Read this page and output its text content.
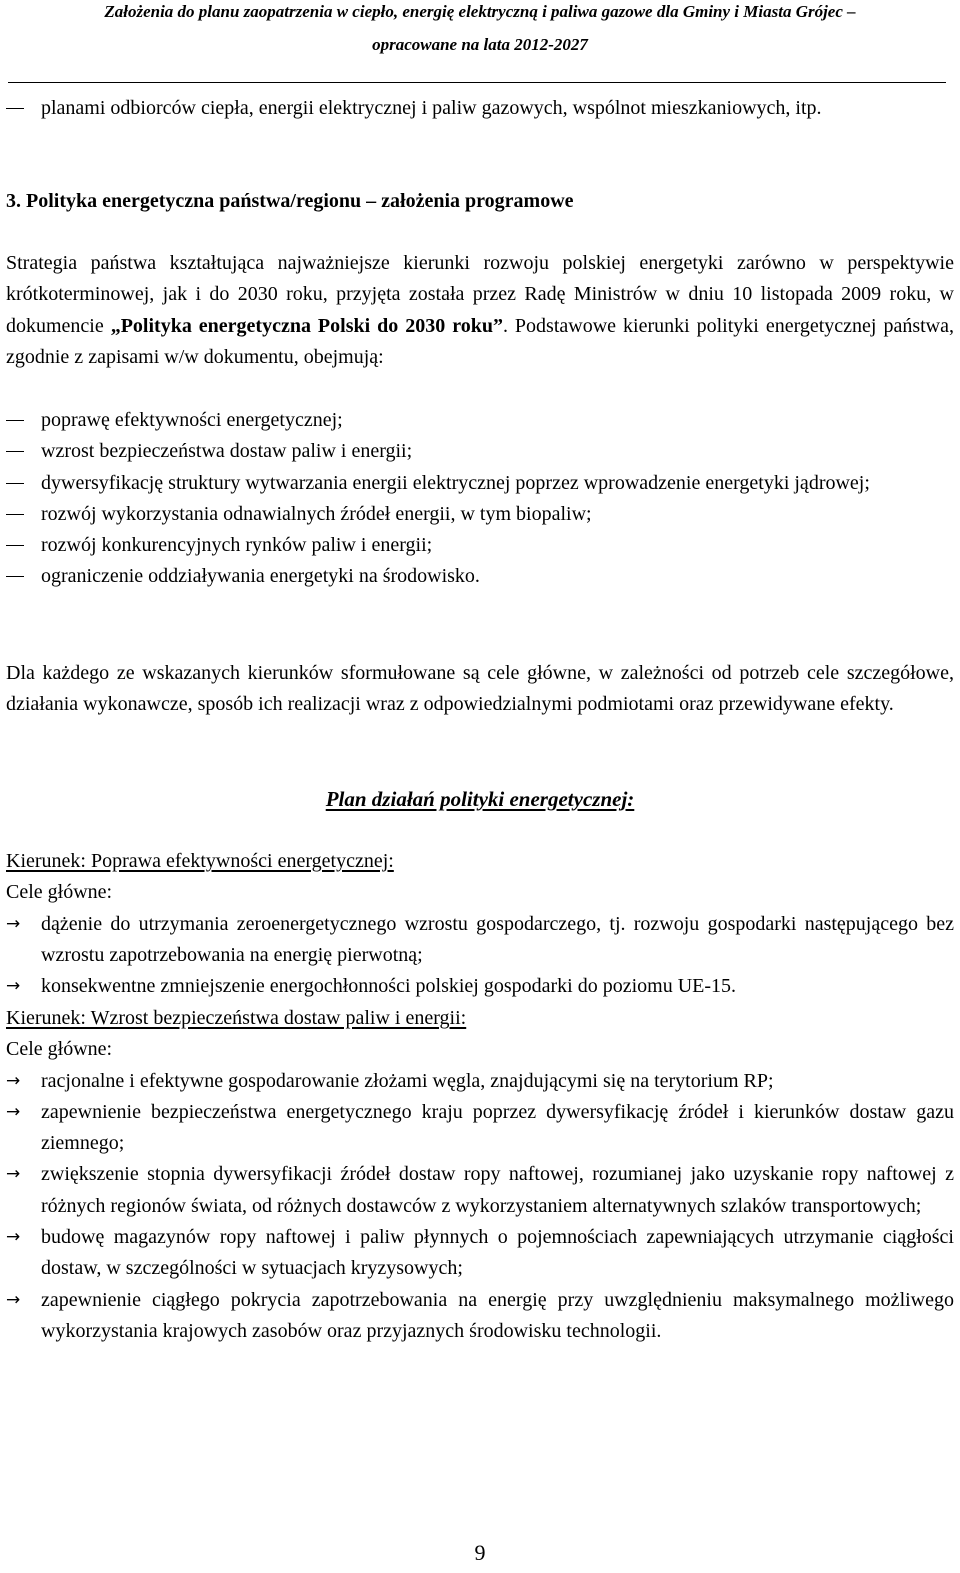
Założenia do planu zaopatrzenia w ciepło, energię elektryczną i paliwa gazowe dla Gminy i Miasta Grójec –
opracowane na lata 2012-2027
planami odbiorców ciepła, energii elektrycznej i paliw gazowych, wspólnot mieszkaniowych, itp.
3. Polityka energetyczna państwa/regionu – założenia programowe

Strategia państwa kształtująca najważniejsze kierunki rozwoju polskiej energetyki zarówno w perspektywie krótkoterminowej, jak i do 2030 roku, przyjęta została przez Radę Ministrów w dniu 10 listopada 2009 roku, w dokumencie „Polityka energetyczna Polski do 2030 roku”. Podstawowe kierunki polityki energetycznej państwa, zgodnie z zapisami w/w dokumentu, obejmują:

poprawę efektywności energetycznej;
wzrost bezpieczeństwa dostaw paliw i energii;
dywersyfikację struktury wytwarzania energii elektrycznej poprzez wprowadzenie energetyki jądrowej;
rozwój wykorzystania odnawialnych źródeł energii, w tym biopaliw;
rozwój konkurencyjnych rynków paliw i energii;
ograniczenie oddziaływania energetyki na środowisko.
Dla każdego ze wskazanych kierunków sformułowane są cele główne, w zależności od potrzeb cele szczegółowe, działania wykonawcze, sposób ich realizacji wraz z odpowiedzialnymi podmiotami oraz przewidywane efekty.
Plan działań polityki energetycznej:
Kierunek: Poprawa efektywności energetycznej:
Cele główne:
→	dążenie do utrzymania zeroenergetycznego wzrostu gospodarczego, tj. rozwoju gospodarki następującego bez wzrostu zapotrzebowania na energię pierwotną;
→	konsekwentne zmniejszenie energochłonności polskiej gospodarki do poziomu UE-15.
Kierunek: Wzrost bezpieczeństwa dostaw paliw i energii:
Cele główne:
→	racjonalne i efektywne gospodarowanie złożami węgla, znajdującymi się na terytorium RP;
→	zapewnienie bezpieczeństwa energetycznego kraju poprzez dywersyfikację źródeł i kierunków dostaw gazu ziemnego;
→	zwiększenie stopnia dywersyfikacji źródeł dostaw ropy naftowej, rozumianej jako uzyskanie ropy naftowej z różnych regionów świata, od różnych dostawców z wykorzystaniem alternatywnych szlaków transportowych;
→	budowę magazynów ropy naftowej i paliw płynnych o pojemnościach zapewniających utrzymanie ciągłości dostaw, w szczególności w sytuacjach kryzysowych;
→	zapewnienie ciągłego pokrycia zapotrzebowania na energię przy uwzględnieniu maksymalnego możliwego wykorzystania krajowych zasobów oraz przyjaznych środowisku technologii.
9
